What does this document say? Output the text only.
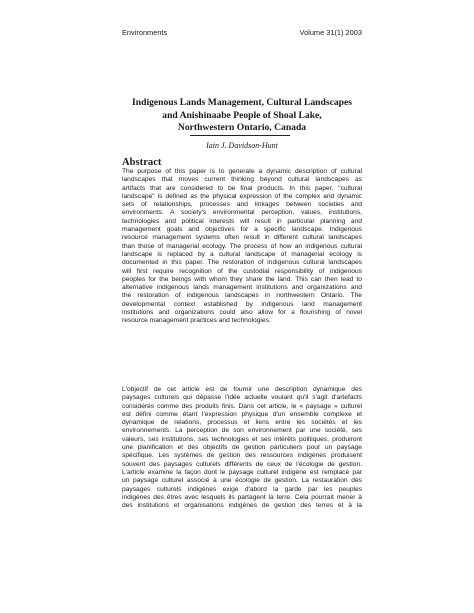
Environments	Volume 31(1) 2003
Indigenous Lands Management, Cultural Landscapes
and Anishinaabe People of Shoal Lake,
Northwestern Ontario, Canada
Iain J. Davidson-Hunt
Abstract
The purpose of this paper is to generate a dynamic description of cultural
landscapes that moves current thinking beyond cultural landscapes as
artifacts that are considered to be final products. In this paper, "cultural
landscape" is defined as the physical expression of the complex and dynamic
sets of relationships, processes and linkages between societies and
environments. A society's environmental perception, values, institutions,
technologies and political interests will result in particular planning and
management goals and objectives for a specific landscape. Indigenous
resource management systems often result in different cultural landscapes
than those of managerial ecology. The process of how an indigenous cultural
landscape is replaced by a cultural landscape of managerial ecology is
documented in this paper. The restoration of indigenous cultural landscapes
will first require recognition of the custodial responsibility of indigenous
peoples for the beings with whom they share the land. This can then lead to
alternative indigenous lands management institutions and organizations and
the restoration of indigenous landscapes in northwestern Ontario. The
developmental context established by indigenous land management
institutions and organizations could also allow for a flourishing of novel
resource management practices and technologies.
L'objectif de cet article est de fournir une description dynamique des
paysages culturels qui dépasse l'idée actuelle voulant qu'il s'agit d'artefacts
considérés comme des produits finis. Dans cet article, le « paysage » culturel
est défini comme étant l'expression physique d'un ensemble complexe et
dynamique de relations, processus et liens entre les sociétés et les
environnements. La perception de son environnement par une société, ses
valeurs, ses institutions, ses technologies et ses intérêts politiques, produiront
une planification et des objectifs de gestion particuliers pour un paysage
spécifique. Les systèmes de gestion des ressources indigènes produisent
souvent des paysages culturels différents de ceux de l'écologie de gestion.
L'article examine la façon dont le paysage culturel indigène est remplacé par
un paysage culturel associé à une écologie de gestion. La restauration des
paysages culturels indigènes exige d'abord la garde par les peuples
indigènes des êtres avec lesquels ils partagent la terre. Cela pourrait mener à
des institutions et organisations indigènes de gestion des terres et à la
